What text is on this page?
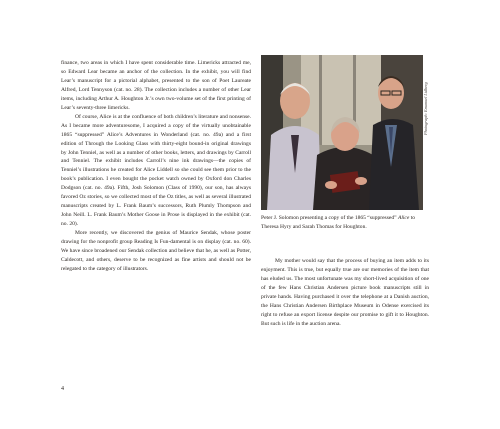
finance, two areas in which I have spent considerable time. Limericks attracted me, so Edward Lear became an anchor of the collection. In the exhibit, you will find Lear’s manuscript for a pictorial alphabet, presented to the son of Poet Laureate Alfred, Lord Tennyson (cat. no. 28). The collection includes a number of other Lear items, including Arthur A. Houghton Jr.’s own two-volume set of the first printing of Lear’s seventy-three limericks.

Of course, Alice is at the confluence of both children’s literature and nonsense. As I became more adventuresome, I acquired a copy of the virtually unobtainable 1865 “suppressed” Alice’s Adventures in Wonderland (cat. no. 49a) and a first edition of Through the Looking Glass with thirty-eight bound-in original drawings by John Tenniel, as well as a number of other books, letters, and drawings by Carroll and Tenniel. The exhibit includes Carroll’s nine ink drawings—the copies of Tenniel’s illustrations he created for Alice Liddell so she could see them prior to the book’s publication. I even bought the pocket watch owned by Oxford don Charles Dodgson (cat. no. 49a). Fifth, Josh Solomon (Class of 1990), our son, has always favored Oz stories, so we collected most of the Oz titles, as well as several illustrated manuscripts created by L. Frank Baum’s successors, Ruth Plumly Thompson and John Neill. L. Frank Baum’s Mother Goose in Prose is displayed in the exhibit (cat. no. 20).

More recently, we discovered the genius of Maurice Sendak, whose poster drawing for the nonprofit group Reading Is Fun-damental is on display (cat. no. 60). We have since broadened our Sendak collection and believe that he, as well as Potter, Caldecott, and others, deserve to be recognized as fine artists and should not be relegated to the category of illustrators.

Photograph: Emanuel Lidberg
Peter J. Solomon presenting a copy of the 1865 “suppressed” Alice to Theresa Hyry and Sarah Thomas for Houghton.

My mother would say that the process of buying an item adds to its enjoyment. This is true, but equally true are our memories of the item that has eluded us. The most unfortunate was my short-lived acquisition of one of the few Hans Christian Andersen picture book manuscripts still in private hands. Having purchased it over the telephone at a Danish auction, the Hans Christian Andersen Birthplace Museum in Odense exercised its right to refuse an export license despite our promise to gift it to Houghton. But such is life in the auction arena.

4
